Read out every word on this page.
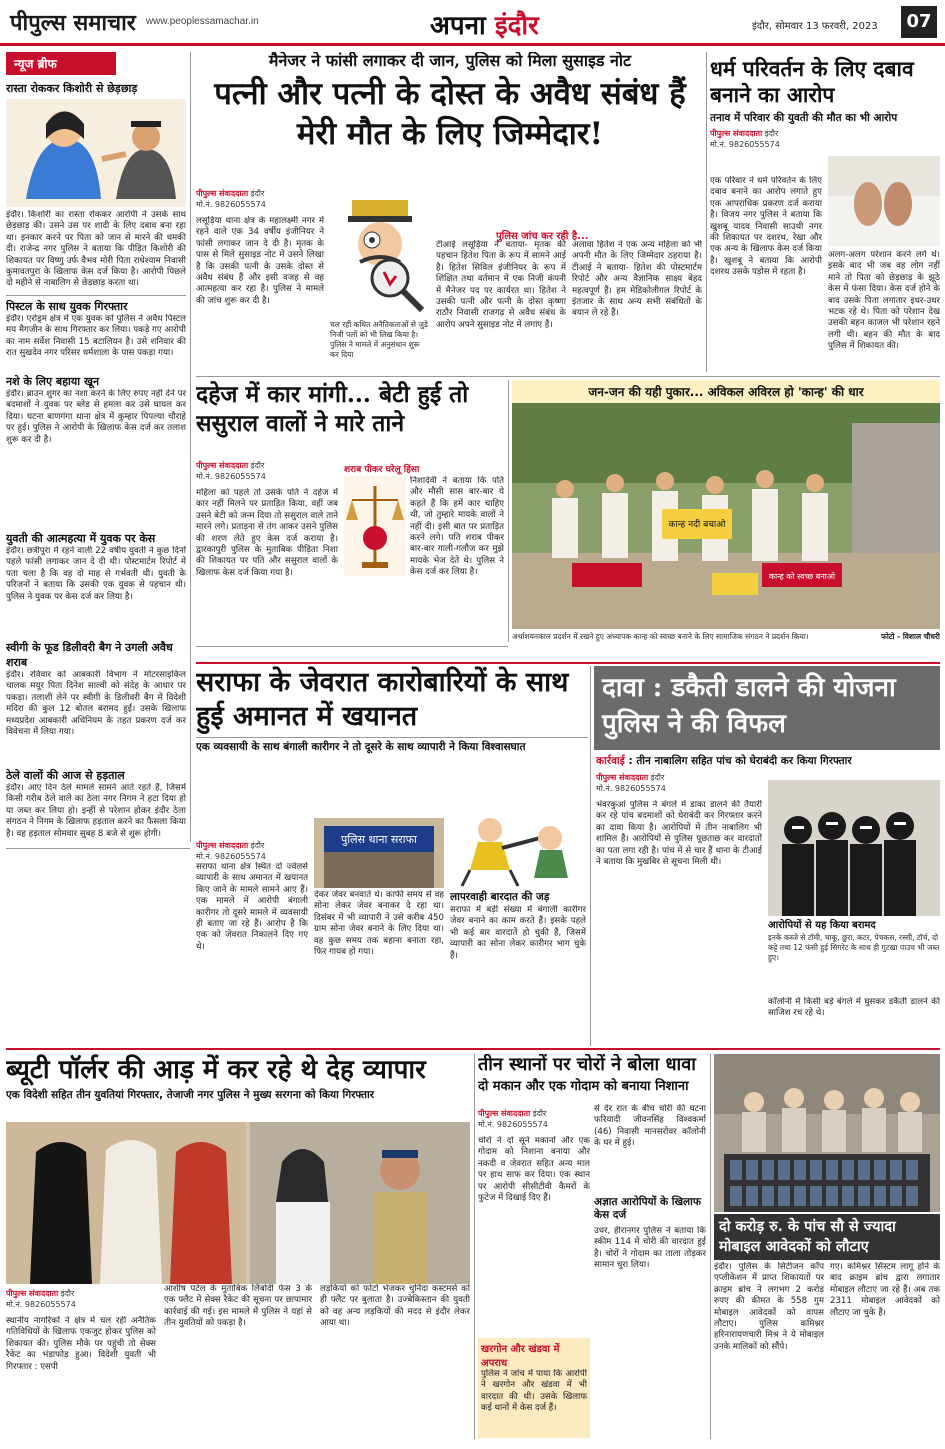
पीपुल्स समाचार www.peoplessamachar.in	अपना इंदौर	इंदौर, सोमवार 13 फरवरी, 2023	07
न्यूज ब्रीफ
रास्ता रोककर किशोरी से छेड़छाड़
इंदौर। किशोरी का रास्ता रोककर आरोपी ने उसके साथ छेड़छाड़ की। उसने उस पर शादी के लिए दबाव बना रहा था। इनकार करने पर पिता को जान से मारने की धमकी दी। राजेन्द्र नगर पुलिस ने बताया कि पीड़ित किशोरी की शिकायत पर विष्णु उर्फ वैभव मोरी पिता राधेश्याम निवासी कुमावतपुरा के खिलाफ केस दर्ज किया है। आरोपी पिछले दो महीने से नाबालिग से छेड़छाड़ करता था।
पिस्टल के साथ युवक गिरफ्तार
इंदौर। एरोड्रम क्षेत्र में एक युवक को पुलिस ने अवैध पिस्टल मय मैगजीन के साथ गिरफ्तार कर लिया। पकड़े गए आरोपी का नाम सर्वेश निवासी 15 बटालियन है। उसे शनिवार की रात सुखदेव नगर परिसर धर्मशाला के पास पकड़ा गया।
नशे के लिए बहाया खून
इंदौर। ब्राउन शुगर का नशा करने के लिए रुपए नहीं देने पर बदमाशों ने युवक पर ब्लेड से हमला कर उसे घायल कर दिया। घटना बाणगंगा थाना क्षेत्र में कुम्हार पिपल्या चौराहे पर हुई। पुलिस ने आरोपी के खिलाफ केस दर्ज कर तलाश शुरू कर दी है।
युवती की आत्महत्या में युवक पर केस
इंदौर। छत्रीपुरा में रहने वाली 22 वर्षीय युवती ने कुछ दिनों पहले फांसी लगाकर जान दे दी थी। पोस्टमार्टम रिपोर्ट में पता चला है कि वह दो माह से गर्भवती थी। युवती के परिजनों ने बताया कि उसकी एक युवक से पहचान थी। पुलिस ने युवक पर केस दर्ज कर लिया है।
स्वीगी के फूड डिलीवरी बैग ने उगली अवैध शराब
इंदौर। रविवार को आबकारी विभाग ने मोटरसाइकिल चालक मयूर पिता दिनेश साल्वी को संदेह के आधार पर पकड़ा। तलाशी लेने पर स्वीगी के डिलीवरी बैग में विदेशी मदिरा की कुल 12 बोतल बरामद हुईं। उसके खिलाफ मध्यप्रदेश आबकारी अधिनियम के तहत प्रकरण दर्ज कर विवेचना में लिया गया।
ठेले वालों की आज से हड़ताल
इंदौर। आए दिन ठेले मामले सामने आते रहते हैं, जिसमें किसी गरीब ठेले वाले का ठेला नगर निगम ने हटा दिया हो या जब्त कर लिया हो। इन्हीं से परेशान होकर इंदौर ठेला संगठन ने निगम के खिलाफ हड़ताल करने का फैसला किया है। वह हड़ताल सोमवार सुबह 8 बजे से शुरू होगी।
मैनेजर ने फांसी लगाकर दी जान, पुलिस को मिला सुसाइड नोट
पत्नी और पत्नी के दोस्त के अवैध संबंध हैं मेरी मौत के लिए जिम्मेदार!
पीपुल्स संवाददाता इंदौर
मो.नं. 9826055574
लसूड़िया थाना क्षेत्र के महालक्ष्मी नगर में रहने वाले एक 34 वर्षीय इंजीनियर ने फांसी लगाकर जान दे दी है। मृतक के पास से मिले सुसाइड नोट में उसने लिखा है कि उसकी पत्नी के उसके दोस्त से अवैध संबंध हैं और इसी वजह से वह आत्महत्या कर रहा है। पुलिस ने मामले की जांच शुरू कर दी है।
चल रहीं कथित अनैतिकताओं से जुड़े निजी पलों को भी लिख किया है। पुलिस ने मामले में अनुसंधान शुरू कर दिया
पुलिस जांच कर रही है...
टीआई लसूड़िया ने बताया- मृतक की पहचान हितेश पिता के रूप में सामने आई है। हितेश सिविल इंजीनियर के रूप में शिक्षित तथा वर्तमान में एक निजी कंपनी में मैनेजर पद पर कार्यरत था। हितेश ने उसकी पत्नी और पत्नी के दोस्त कृष्णा राठौर निवासी राजगढ़ से अवैध संबंध के आरोप अपने सुसाइड नोट में लगाए हैं।
अलावा हितेश ने एक अन्य महिला को भी अपनी मौत के लिए जिम्मेदार ठहराया है। टीआई ने बताया- हितेश की पोस्टमार्टम रिपोर्ट और अन्य वैज्ञानिक साक्ष्य बेहद महत्वपूर्ण हैं। हम मेडिकोलीगल रिपोर्ट के इंतजार के साथ अन्य सभी संबंधितों के बयान ले रहे हैं।
धर्म परिवर्तन के लिए दबाव बनाने का आरोप
तनाव में परिवार की युवती की मौत का भी आरोप
पीपुल्स संवाददाता इंदौर
मो.नं. 9826055574
एक परिवार ने धर्म परिवर्तन के लिए दबाव बनाने का आरोप लगाते हुए एक आपराधिक प्रकरण दर्ज कराया है। विजय नगर पुलिस ने बताया कि खुशबू यादव निवासी साउथी नगर की शिकायत पर दशरथ, रेखा और एक अन्य के खिलाफ केस दर्ज किया है। खुशबू ने बताया कि आरोपी दशरथ उसके पड़ोस में रहता है।
अलग-अलग परेशान करने लगे थे। इसके बाद भी जब वह लोग नहीं माने तो पिता को छेड़छाड़ के झूठे केस में फंसा दिया। केस दर्ज होने के बाद उसके पिता लगातार इधर-उधर भटक रहे थे। पिता को परेशान देख उसकी बहन काजल भी परेशान रहने लगी थी। बहन की मौत के बाद पुलिस में शिकायत की।
दहेज में कार मांगी... बेटी हुई तो ससुराल वालों ने मारे ताने
पीपुल्स संवाददाता इंदौर
मो.नं. 9826055574
महिला को पहले तो उसके पति ने दहेज में कार नहीं मिलने पर प्रताड़ित किया, वहीं जब उसने बेटी को जन्म दिया तो ससुराल वाले ताने मारने लगे। प्रताड़ना से तंग आकर उसने पुलिस की शरण लेते हुए केस दर्ज कराया है। द्वारकापुरी पुलिस के मुताबिक पीड़िता निशा की शिकायत पर पति और ससुराल वालों के खिलाफ केस दर्ज किया गया है।
शराब पीकर घरेलू हिंसा
निशादेवी ने बताया कि पति और मौसी सास बार-बार ये कहते हैं कि हमें कार चाहिए थी, जो तुम्हारे मायके वालों ने नहीं दी। इसी बात पर प्रताड़ित करने लगे। पति शराब पीकर बार-बार गाली-गलौज कर मुझे मायके भेज देते थे। पुलिस ने केस दर्ज कर लिया है।
जन-जन की यही पुकार... अविकल अविरल हो 'कान्ह' की धार
कान्ह नदी बचाओ
कान्ह को स्वच्छ बनाओ
अर्थाशयनकाल प्रदर्शन में रखने हुए अध्यापक कान्ह को स्वच्छ बनाने के लिए सामाजिक संगठन ने प्रदर्शन किया।	फोटो - विशाल चौधरी
सराफा के जेवरात कारोबारियों के साथ हुई अमानत में खयानत
एक व्यवसायी के साथ बंगाली कारीगर ने तो दूसरे के साथ व्यापारी ने किया विश्वासघात
पीपुल्स संवाददाता इंदौर
मो.नं. 9826055574
सराफा थाना क्षेत्र स्थित दो ज्वेलर्स व्यापारी के साथ अमानत में खयानत किए जाने के मामले सामने आए हैं। एक मामले में आरोपी बंगाली कारीगर तो दूसरे मामले में व्यवसायी ही बताए जा रहे हैं। आरोप है कि एक को जेवरात निकालने दिए गए थे।
पुलिस थाना सराफा
देकर जेवर बनवाते थे। काफी समय से वह सोना लेकर जेवर बनाकर दे रहा था। दिसंबर में भी व्यापारी ने उसे करीब 450 ग्राम सोना जेवर बनाने के लिए दिया था। वह कुछ समय तक बहाना बनाता रहा, फिर गायब हो गया।
लापरवाही बारदात की जड़
सराफा में बड़ी संख्या में बंगाली कारीगर जेवर बनाने का काम करते हैं। इसके पहले भी कई बार वारदातें हो चुकी हैं, जिसमें व्यापारी का सोना लेकर कारीगर भाग चुके हैं।
दावा : डकैती डालने की योजना पुलिस ने की विफल
कार्रवाई : तीन नाबालिग सहित पांच को घेराबंदी कर किया गिरफ्तार
पीपुल्स संवाददाता इंदौर
मो.नं. 9826055574
भंवरकुआं पुलिस ने बंगले में डाका डालने की तैयारी कर रहे पांच बदमाशों को घेराबंदी कर गिरफ्तार करने का दावा किया है। आरोपियों में तीन नाबालिग भी शामिल हैं। आरोपियों से पुलिस पूछताछ कर वारदातों का पता लगा रही है। पांच में से चार हैं थाना के टीआई ने बताया कि मुखबिर से सूचना मिली थी।
आरोपियों से यह किया बरामद
इनके कब्जे से टॉमी, चाकू, छुरा, कटर, पेचकस, रस्सी, टॉर्च, दो कट्टे तथा 12 फंसी हुई सिगरेट के साथ ही गुटखा पाउच भी जब्त हुए।
कॉलोनी में किसी बड़े बंगले में घुसकर डकैती डालने की साजिश रच रहे थे।
ब्यूटी पॉर्लर की आड़ में कर रहे थे देह व्यापार
एक विदेशी सहित तीन युवतियां गिरफ्तार, तेजाजी नगर पुलिस ने मुख्य सरगना को किया गिरफ्तार
पीपुल्स संवाददाता इंदौर
मो.नं. 9826055574
स्थानीय नागरिकों ने क्षेत्र में चल रही अनैतिक गतिविधियों के खिलाफ एकजुट होकर पुलिस को शिकायत की। पुलिस मौके पर पहुंची तो सेक्स रैकेट का भंडाफोड़ हुआ। विदेशी युवती भी गिरफ्तार : एसपी
आशीष पटेल के मुताबिक लिंबोदी फेस 3 के एक फ्लैट में सेक्स रैकेट की सूचना पर छापामार कार्रवाई की गई। इस मामले में पुलिस ने यहां से तीन युवतियों को पकड़ा है।
लड़कियों को फोटो भेजकर चुनिंदा कस्टमर्स को ही फ्लैट पर बुलाता है। उज्बेकिस्तान की युवती को वह अन्य लड़कियों की मदद से इंदौर लेकर आया था।
तीन स्थानों पर चोरों ने बोला धावा
दो मकान और एक गोदाम को बनाया निशाना
पीपुल्स संवाददाता इंदौर
मो.नं. 9826055574
चोरों ने दो सूने मकानों और एक गोदाम को निशाना बनाया और नकदी व जेवरात सहित अन्य माल पर हाथ साफ कर दिया। एक स्थान पर आरोपी सीसीटीवी कैमरों के फुटेज में दिखाई दिए हैं।
से देर रात के बीच चोरी की घटना फरियादी जीवनसिंह विश्वकर्मा (46) निवासी मानसरोवर कॉलोनी के घर में हुई।
अज्ञात आरोपियों के खिलाफ केस दर्ज
उधर, हीरानगर पुलिस ने बताया कि स्कीम 114 में चोरी की वारदात हुई है। चोरों ने गोदाम का ताला तोड़कर सामान चुरा लिया।
खरगोन और खंडवा में अपराध
पुलिस ने जांच में पाया कि आरोपी ने खरगोन और खंडवा में भी वारदात की थी। उसके खिलाफ कई थानों में केस दर्ज हैं।
दो करोड़ रु. के पांच सौ से ज्यादा मोबाइल आवेदकों को लौटाए
इंदौर। पुलिस के सिटीजन कॉप एप्लीकेशन में प्राप्त शिकायतों पर क्राइम ब्रांच ने लगभग 2 करोड़ रुपए की कीमत के 558 गुम मोबाइल आवेदकों को वापस लौटाए। पुलिस कमिश्नर हरिनारायणचारी मिश्र ने ये मोबाइल उनके मालिकों को सौंपे।
गए। कमिश्नर सिस्टम लागू होने के बाद क्राइम ब्रांच द्वारा लगातार मोबाइल लौटाए जा रहे हैं। अब तक 2311 मोबाइल आवेदकों को लौटाए जा चुके हैं।
